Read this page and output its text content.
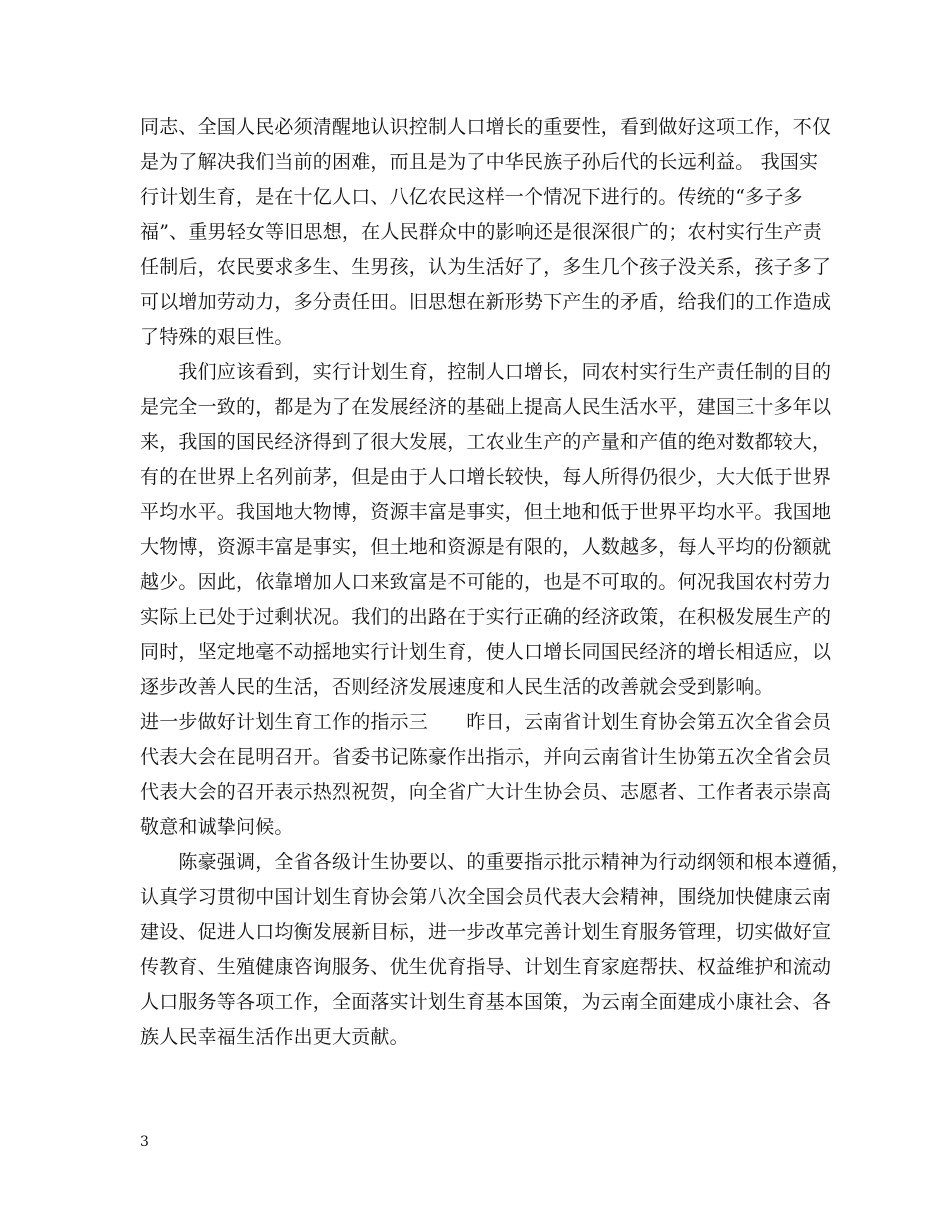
同志、全国人民必须清醒地认识控制人口增长的重要性，看到做好这项工作，不仅
是为了解决我们当前的困难，而且是为了中华民族子孙后代的长远利益。 我国实
行计划生育，是在十亿人口、八亿农民这样一个情况下进行的。传统的“多子多
福”、重男轻女等旧思想，在人民群众中的影响还是很深很广的；农村实行生产责
任制后，农民要求多生、生男孩，认为生活好了，多生几个孩子没关系，孩子多了
可以增加劳动力，多分责任田。旧思想在新形势下产生的矛盾，给我们的工作造成
了特殊的艰巨性。
　　我们应该看到，实行计划生育，控制人口增长，同农村实行生产责任制的目的
是完全一致的，都是为了在发展经济的基础上提高人民生活水平，建国三十多年以
来，我国的国民经济得到了很大发展，工农业生产的产量和产值的绝对数都较大，
有的在世界上名列前茅，但是由于人口增长较快，每人所得仍很少，大大低于世界
平均水平。我国地大物博，资源丰富是事实，但土地和低于世界平均水平。我国地
大物博，资源丰富是事实，但土地和资源是有限的，人数越多，每人平均的份额就
越少。因此，依靠增加人口来致富是不可能的，也是不可取的。何况我国农村劳力
实际上已处于过剩状况。我们的出路在于实行正确的经济政策，在积极发展生产的
同时，坚定地毫不动摇地实行计划生育，使人口增长同国民经济的增长相适应，以
逐步改善人民的生活，否则经济发展速度和人民生活的改善就会受到影响。
进一步做好计划生育工作的指示三　　昨日，云南省计划生育协会第五次全省会员
代表大会在昆明召开。省委书记陈豪作出指示，并向云南省计生协第五次全省会员
代表大会的召开表示热烈祝贺，向全省广大计生协会员、志愿者、工作者表示崇高
敬意和诚挚问候。
　　陈豪强调，全省各级计生协要以、的重要指示批示精神为行动纲领和根本遵循，
认真学习贯彻中国计划生育协会第八次全国会员代表大会精神，围绕加快健康云南
建设、促进人口均衡发展新目标，进一步改革完善计划生育服务管理，切实做好宣
传教育、生殖健康咨询服务、优生优育指导、计划生育家庭帮扶、权益维护和流动
人口服务等各项工作，全面落实计划生育基本国策，为云南全面建成小康社会、各
族人民幸福生活作出更大贡献。
3
